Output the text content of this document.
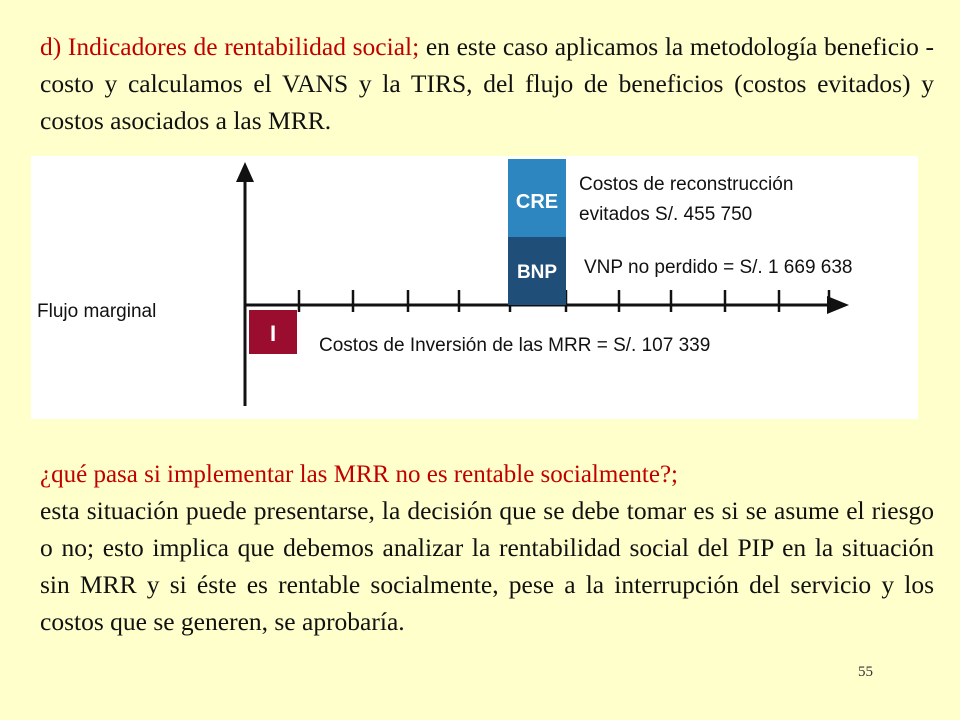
d) Indicadores de rentabilidad social; en este caso aplicamos la metodología beneficio - costo y calculamos el VANS y la TIRS, del flujo de beneficios (costos evitados) y costos asociados a las MRR.

CRE
BNP
I
Flujo marginal
Costos de reconstrucción
evitados S/. 455 750
VNP no perdido = S/. 1 669 638
Costos de Inversión de las MRR = S/. 107 339

¿qué pasa si implementar las MRR no es rentable socialmente?;

esta situación puede presentarse, la decisión que se debe tomar es si se asume el riesgo o no; esto implica que debemos analizar la rentabilidad social del PIP en la situación sin MRR y si éste es rentable socialmente, pese a la interrupción del servicio y los costos que se generen, se aprobaría.

55
